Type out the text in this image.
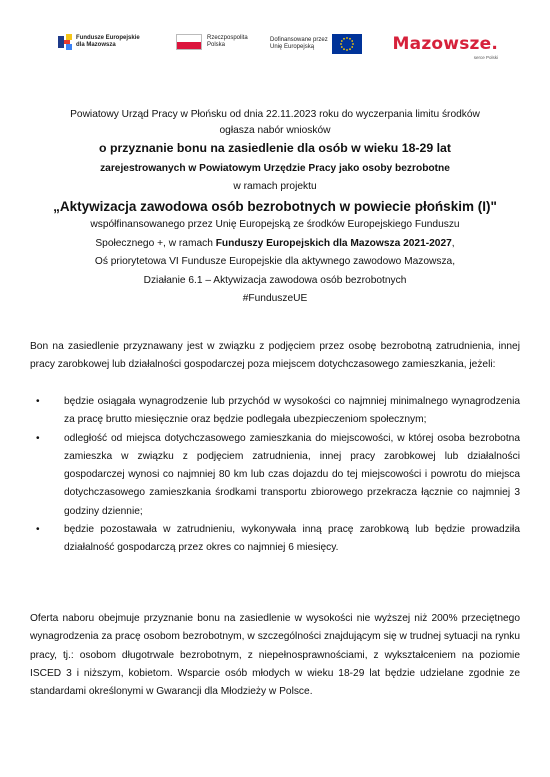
Fundusze Europejskie
dla Mazowsza
Rzeczpospolita
Polska
Dofinansowane przez
Unię Europejską	Mazowsze.
serce Polski
Powiatowy Urząd Pracy w Płońsku od dnia 22.11.2023 roku do wyczerpania limitu środków
ogłasza nabór wniosków
o przyznanie bonu na zasiedlenie dla osób w wieku 18-29 lat
zarejestrowanych w Powiatowym Urzędzie Pracy jako osoby bezrobotne
w ramach projektu
„Aktywizacja zawodowa osób bezrobotnych w powiecie płońskim (I)"
współfinansowanego przez Unię Europejską ze środków Europejskiego Funduszu
Społecznego +, w ramach Funduszy Europejskich dla Mazowsza 2021-2027,
Oś priorytetowa VI Fundusze Europejskie dla aktywnego zawodowo Mazowsza,
Działanie 6.1 – Aktywizacja zawodowa osób bezrobotnych
#FunduszeUE
Bon na zasiedlenie przyznawany jest w związku z podjęciem przez osobę bezrobotną zatrudnienia, innej pracy zarobkowej lub działalności gospodarczej poza miejscem dotychczasowego zamieszkania, jeżeli:
• będzie osiągała wynagrodzenie lub przychód w wysokości co najmniej minimalnego wynagrodzenia za pracę brutto miesięcznie oraz będzie podlegała ubezpieczeniom społecznym;
• odległość od miejsca dotychczasowego zamieszkania do miejscowości, w której osoba bezrobotna zamieszka w związku z podjęciem zatrudnienia, innej pracy zarobkowej lub działalności gospodarczej wynosi co najmniej 80 km lub czas dojazdu do tej miejscowości i powrotu do miejsca dotychczasowego zamieszkania środkami transportu zbiorowego przekracza łącznie co najmniej 3 godziny dziennie;
• będzie pozostawała w zatrudnieniu, wykonywała inną pracę zarobkową lub będzie prowadziła działalność gospodarczą przez okres co najmniej 6 miesięcy.
Oferta naboru obejmuje przyznanie bonu na zasiedlenie w wysokości nie wyższej niż 200% przeciętnego wynagrodzenia za pracę osobom bezrobotnym, w szczególności znajdującym się w trudnej sytuacji na rynku pracy, tj.: osobom długotrwale bezrobotnym, z niepełnosprawnościami, z wykształceniem na poziomie ISCED 3 i niższym, kobietom. Wsparcie osób młodych w wieku 18-29 lat będzie udzielane zgodnie ze standardami określonymi w Gwarancji dla Młodzieży w Polsce.
